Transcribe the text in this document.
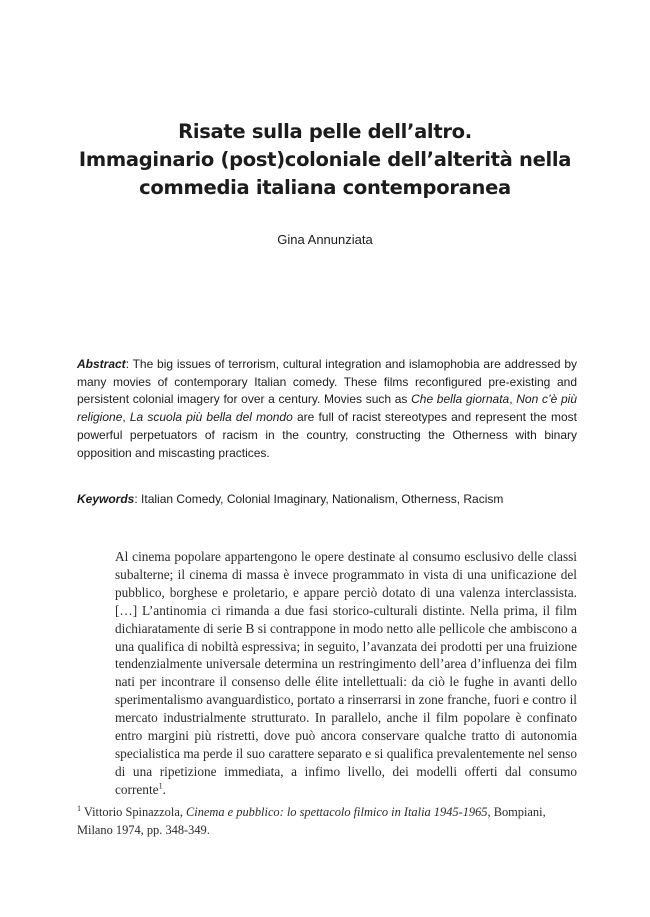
Risate sulla pelle dell’altro.
Immaginario (post)coloniale dell’alterità nella
commedia italiana contemporanea
Gina Annunziata

Abstract: The big issues of terrorism, cultural integration and islamophobia are addressed by many movies of contemporary Italian comedy. These films reconfigured pre-existing and persistent colonial imagery for over a century. Movies such as Che bella giornata, Non c’è più religione, La scuola più bella del mondo are full of racist stereotypes and represent the most powerful perpetuators of racism in the country, constructing the Otherness with binary opposition and miscasting practices.

Keywords: Italian Comedy, Colonial Imaginary, Nationalism, Otherness, Racism

Al cinema popolare appartengono le opere destinate al consumo esclusivo delle classi subalterne; il cinema di massa è invece programmato in vista di una unificazione del pubblico, borghese e proletario, e appare perciò dotato di una valenza interclassista. […] L’antinomia ci rimanda a due fasi storico-culturali distinte. Nella prima, il film dichiaratamente di serie B si contrappone in modo netto alle pellicole che ambiscono a una qualifica di nobiltà espressiva; in seguito, l’avanzata dei prodotti per una fruizione tendenzialmente universale determina un restringimento dell’area d’influenza dei film nati per incontrare il consenso delle élite intellettuali: da ciò le fughe in avanti dello sperimentalismo avanguardistico, portato a rinserrarsi in zone franche, fuori e contro il mercato industrialmente strutturato. In parallelo, anche il film popolare è confinato entro margini più ristretti, dove può ancora conservare qualche tratto di autonomia specialistica ma perde il suo carattere separato e si qualifica prevalentemente nel senso di una ripetizione immediata, a infimo livello, dei modelli offerti dal consumo corrente$^1$.

$^1$ Vittorio Spinazzola, Cinema e pubblico: lo spettacolo filmico in Italia 1945-1965, Bompiani, Milano 1974, pp. 348-349.
